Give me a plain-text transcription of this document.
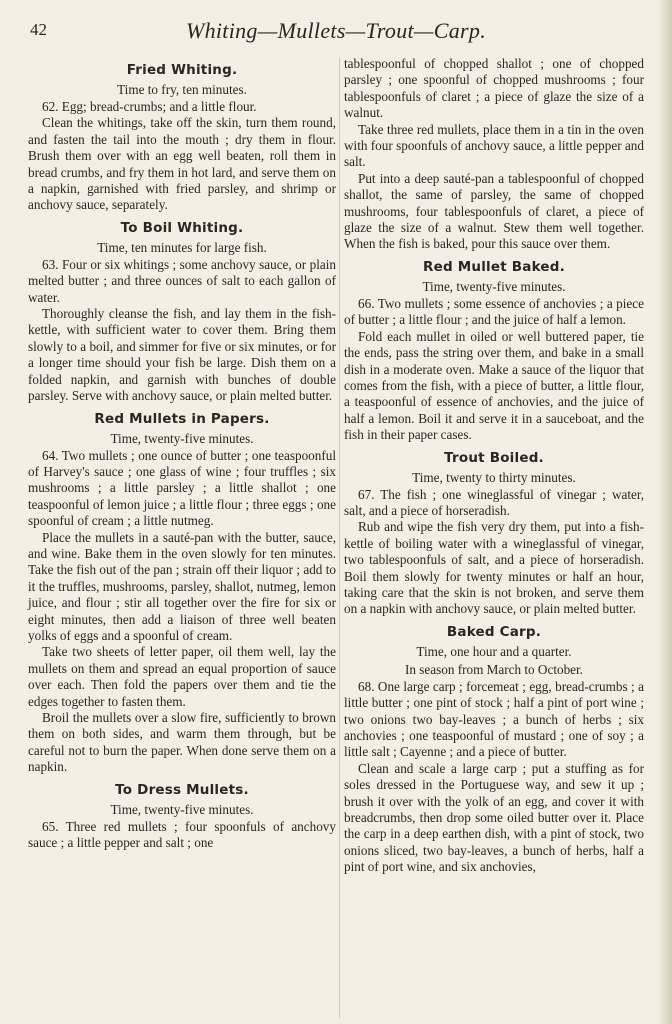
42	Whiting—Mullets—Trout—Carp.
Fried Whiting.
Time to fry, ten minutes.

62. Egg; bread-crumbs; and a little flour.

Clean the whitings, take off the skin, turn them round, and fasten the tail into the mouth ; dry them in flour. Brush them over with an egg well beaten, roll them in bread crumbs, and fry them in hot lard, and serve them on a napkin, garnished with fried parsley, and shrimp or anchovy sauce, separately.

To Boil Whiting.
Time, ten minutes for large fish.

63. Four or six whitings ; some anchovy sauce, or plain melted butter ; and three ounces of salt to each gallon of water.

Thoroughly cleanse the fish, and lay them in the fish-kettle, with sufficient water to cover them. Bring them slowly to a boil, and simmer for five or six minutes, or for a longer time should your fish be large. Dish them on a folded napkin, and garnish with bunches of double parsley. Serve with anchovy sauce, or plain melted butter.

Red Mullets in Papers.
Time, twenty-five minutes.

64. Two mullets ; one ounce of butter ; one teaspoonful of Harvey's sauce ; one glass of wine ; four truffles ; six mushrooms ; a little parsley ; a little shallot ; one teaspoonful of lemon juice ; a little flour ; three eggs ; one spoonful of cream ; a little nutmeg.

Place the mullets in a sauté-pan with the butter, sauce, and wine. Bake them in the oven slowly for ten minutes. Take the fish out of the pan ; strain off their liquor ; add to it the truffles, mushrooms, parsley, shallot, nutmeg, lemon juice, and flour ; stir all together over the fire for six or eight minutes, then add a liaison of three well beaten yolks of eggs and a spoonful of cream.

Take two sheets of letter paper, oil them well, lay the mullets on them and spread an equal proportion of sauce over each. Then fold the papers over them and tie the edges together to fasten them.

Broil the mullets over a slow fire, sufficiently to brown them on both sides, and warm them through, but be careful not to burn the paper. When done serve them on a napkin.

To Dress Mullets.
Time, twenty-five minutes.

65. Three red mullets ; four spoonfuls of anchovy sauce ; a little pepper and salt ; one

tablespoonful of chopped shallot ; one of chopped parsley ; one spoonful of chopped mushrooms ; four tablespoonfuls of claret ; a piece of glaze the size of a walnut.

Take three red mullets, place them in a tin in the oven with four spoonfuls of anchovy sauce, a little pepper and salt.

Put into a deep sauté-pan a tablespoonful of chopped shallot, the same of parsley, the same of chopped mushrooms, four tablespoonfuls of claret, a piece of glaze the size of a walnut. Stew them well together. When the fish is baked, pour this sauce over them.

Red Mullet Baked.
Time, twenty-five minutes.

66. Two mullets ; some essence of anchovies ; a piece of butter ; a little flour ; and the juice of half a lemon.

Fold each mullet in oiled or well buttered paper, tie the ends, pass the string over them, and bake in a small dish in a moderate oven. Make a sauce of the liquor that comes from the fish, with a piece of butter, a little flour, a teaspoonful of essence of anchovies, and the juice of half a lemon. Boil it and serve it in a sauceboat, and the fish in their paper cases.

Trout Boiled.
Time, twenty to thirty minutes.

67. The fish ; one wineglassful of vinegar ; water, salt, and a piece of horseradish.

Rub and wipe the fish very dry them, put into a fish-kettle of boiling water with a wineglassful of vinegar, two tablespoonfuls of salt, and a piece of horseradish. Boil them slowly for twenty minutes or half an hour, taking care that the skin is not broken, and serve them on a napkin with anchovy sauce, or plain melted butter.

Baked Carp.
Time, one hour and a quarter.
In season from March to October.

68. One large carp ; forcemeat ; egg, bread-crumbs ; a little butter ; one pint of stock ; half a pint of port wine ; two onions two bay-leaves ; a bunch of herbs ; six anchovies ; one teaspoonful of mustard ; one of soy ; a little salt ; Cayenne ; and a piece of butter.

Clean and scale a large carp ; put a stuffing as for soles dressed in the Portuguese way, and sew it up ; brush it over with the yolk of an egg, and cover it with breadcrumbs, then drop some oiled butter over it. Place the carp in a deep earthen dish, with a pint of stock, two onions sliced, two bay-leaves, a bunch of herbs, half a pint of port wine, and six anchovies,
